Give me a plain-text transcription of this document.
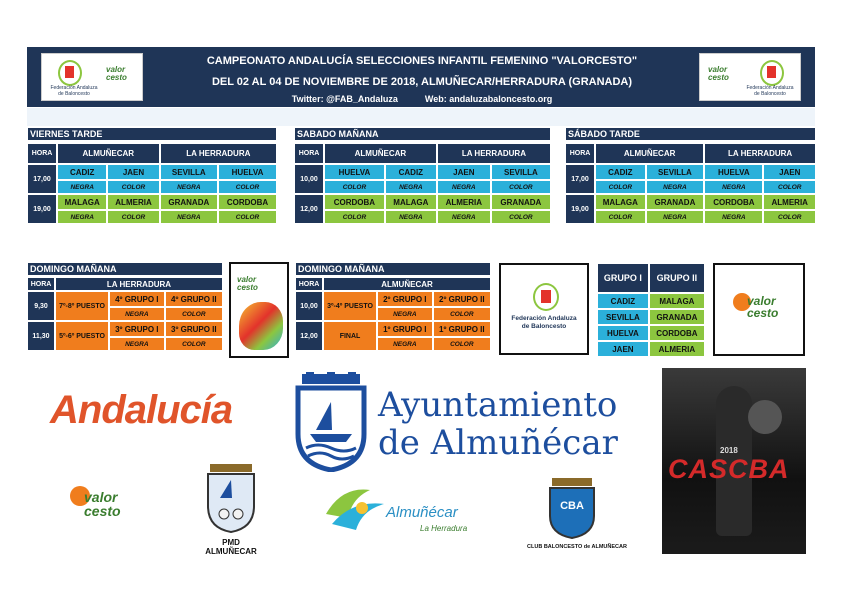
Federación Andaluza
de Baloncesto
valor
cesto
CAMPEONATO ANDALUCÍA SELECCIONES INFANTIL FEMENINO "VALORCESTO"
DEL 02 AL 04 DE NOVIEMBRE DE 2018, ALMUÑECAR/HERRADURA (GRANADA)
Twitter: @FAB_Andaluza	Web: andaluzabaloncesto.org
valor
cesto
Federación Andaluza
de Baloncesto
VIERNES TARDE
HORA	ALMUÑECAR		LA HERRADURA	
17,00	CADIZ	JAEN	SEVILLA	HUELVA
	NEGRA	COLOR	NEGRA	COLOR
19,00	MALAGA	ALMERIA	GRANADA	CORDOBA
	NEGRA	COLOR	NEGRA	COLOR
SABADO MAÑANA
HORA	ALMUÑECAR		LA HERRADURA	
10,00	HUELVA	CADIZ	JAEN	SEVILLA
	COLOR	NEGRA	NEGRA	COLOR
12,00	CORDOBA	MALAGA	ALMERIA	GRANADA
	COLOR	NEGRA	NEGRA	COLOR
SÁBADO TARDE
HORA	ALMUÑECAR		LA HERRADURA	
17,00	CADIZ	SEVILLA	HUELVA	JAEN
	COLOR	NEGRA	NEGRA	COLOR
19,00	MALAGA	GRANADA	CORDOBA	ALMERIA
	COLOR	NEGRA	NEGRA	COLOR
DOMINGO MAÑANA
HORA	LA HERRADURA		
9,30	7º-8º PUESTO	4º GRUPO I	4º GRUPO II
		NEGRA	COLOR
11,30	5º-6º PUESTO	3º GRUPO I	3º GRUPO II
		NEGRA	COLOR
valor
cesto
DOMINGO MAÑANA
HORA	ALMUÑECAR		
10,00	3º-4º PUESTO	2º GRUPO I	2º GRUPO II
		NEGRA	COLOR
12,00	FINAL	1º GRUPO I	1º GRUPO II
		NEGRA	COLOR
Federación Andaluza
de Baloncesto
GRUPO I	GRUPO II
CADIZ	MALAGA
SEVILLA	GRANADA
HUELVA	CORDOBA
JAEN	ALMERIA
valor
cesto
Andalucía	Ayuntamiento
de Almuñécar	2018
CASCBA
valor
cesto
PMD
ALMUÑECAR
Almuñécar
La Herradura
CBA
CLUB BALONCESTO de ALMUÑECAR
